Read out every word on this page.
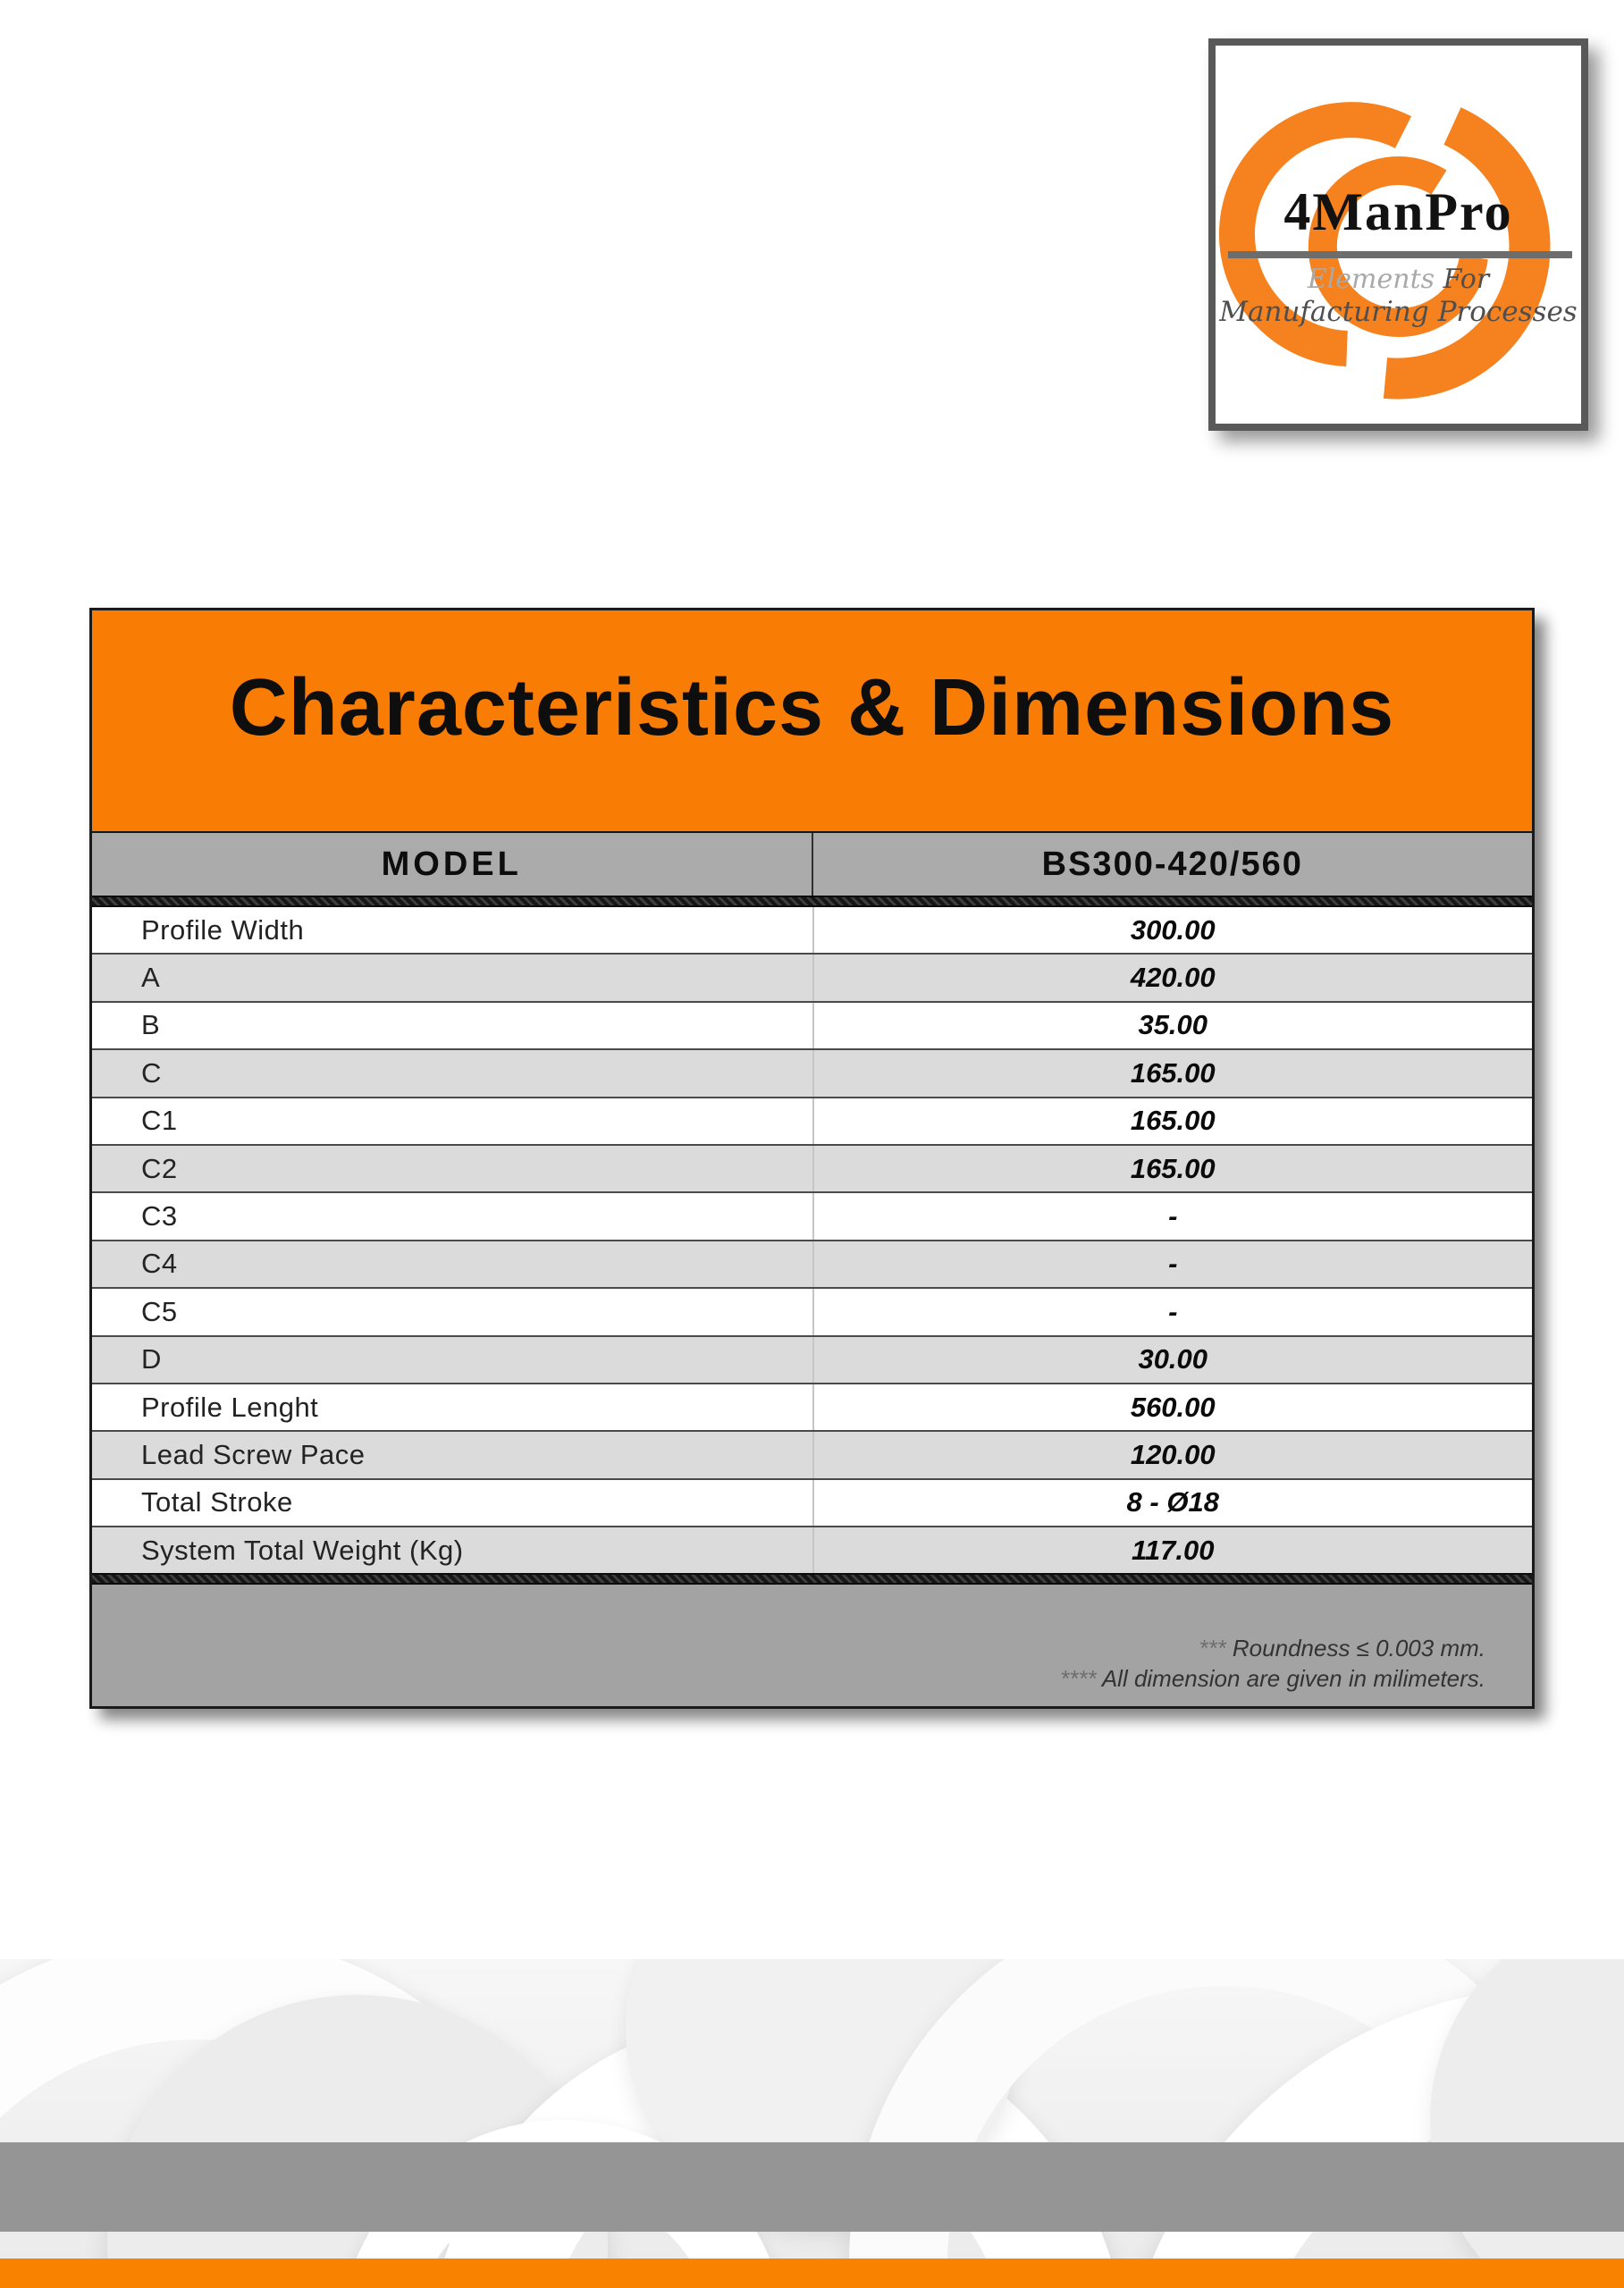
4ManPro
Elements For
Manufacturing Processes
Characteristics & Dimensions
MODEL	BS300-420/560
Profile Width	300.00
A	420.00
B	35.00
C	165.00
C1	165.00
C2	165.00
C3	-
C4	-
C5	-
D	30.00
Profile Lenght	560.00
Lead Screw Pace	120.00
Total Stroke	8 - Ø18
System Total Weight (Kg)	117.00
*** Roundness ≤ 0.003 mm.
**** All dimension are given in milimeters.
